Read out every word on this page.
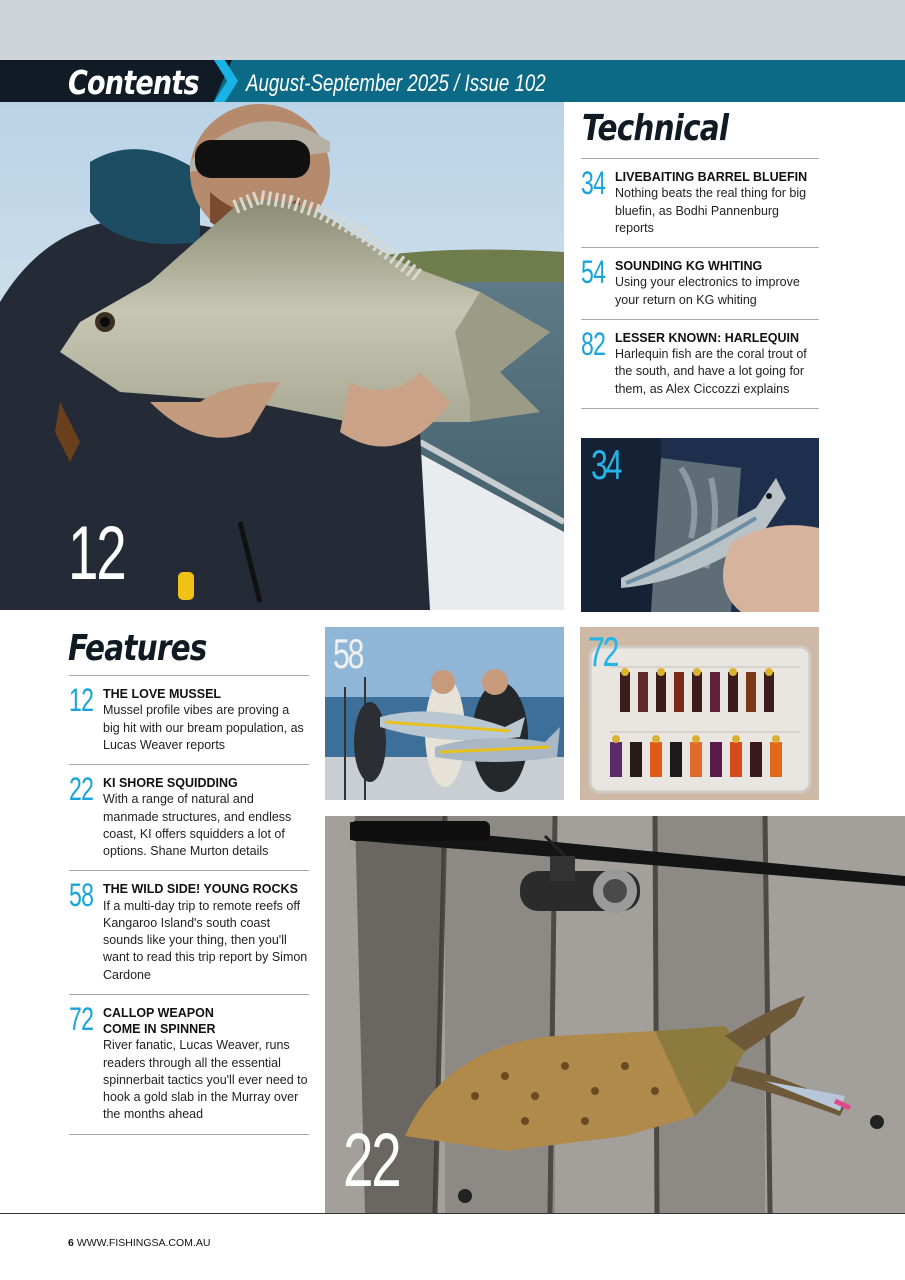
Contents August-September 2025 / Issue 102
12
Technical
34 LIVEBAITING BARREL BLUEFIN
Nothing beats the real thing for big bluefin, as Bodhi Pannenburg reports
54 SOUNDING KG WHITING
Using your electronics to improve your return on KG whiting
82 LESSER KNOWN: HARLEQUIN
Harlequin fish are the coral trout of the south, and have a lot going for them, as Alex Ciccozzi explains
34
Features
12 THE LOVE MUSSEL
Mussel profile vibes are proving a big hit with our bream population, as Lucas Weaver reports
22 KI SHORE SQUIDDING
With a range of natural and manmade structures, and endless coast, KI offers squidders a lot of options. Shane Murton details
58 THE WILD SIDE! YOUNG ROCKS
If a multi-day trip to remote reefs off Kangaroo Island's south coast sounds like your thing, then you'll want to read this trip report by Simon Cardone
72 CALLOP WEAPON COME IN SPINNER
River fanatic, Lucas Weaver, runs readers through all the essential spinnerbait tactics you'll ever need to hook a gold slab in the Murray over the months ahead
58	72
22
6 WWW.FISHINGSA.COM.AU
